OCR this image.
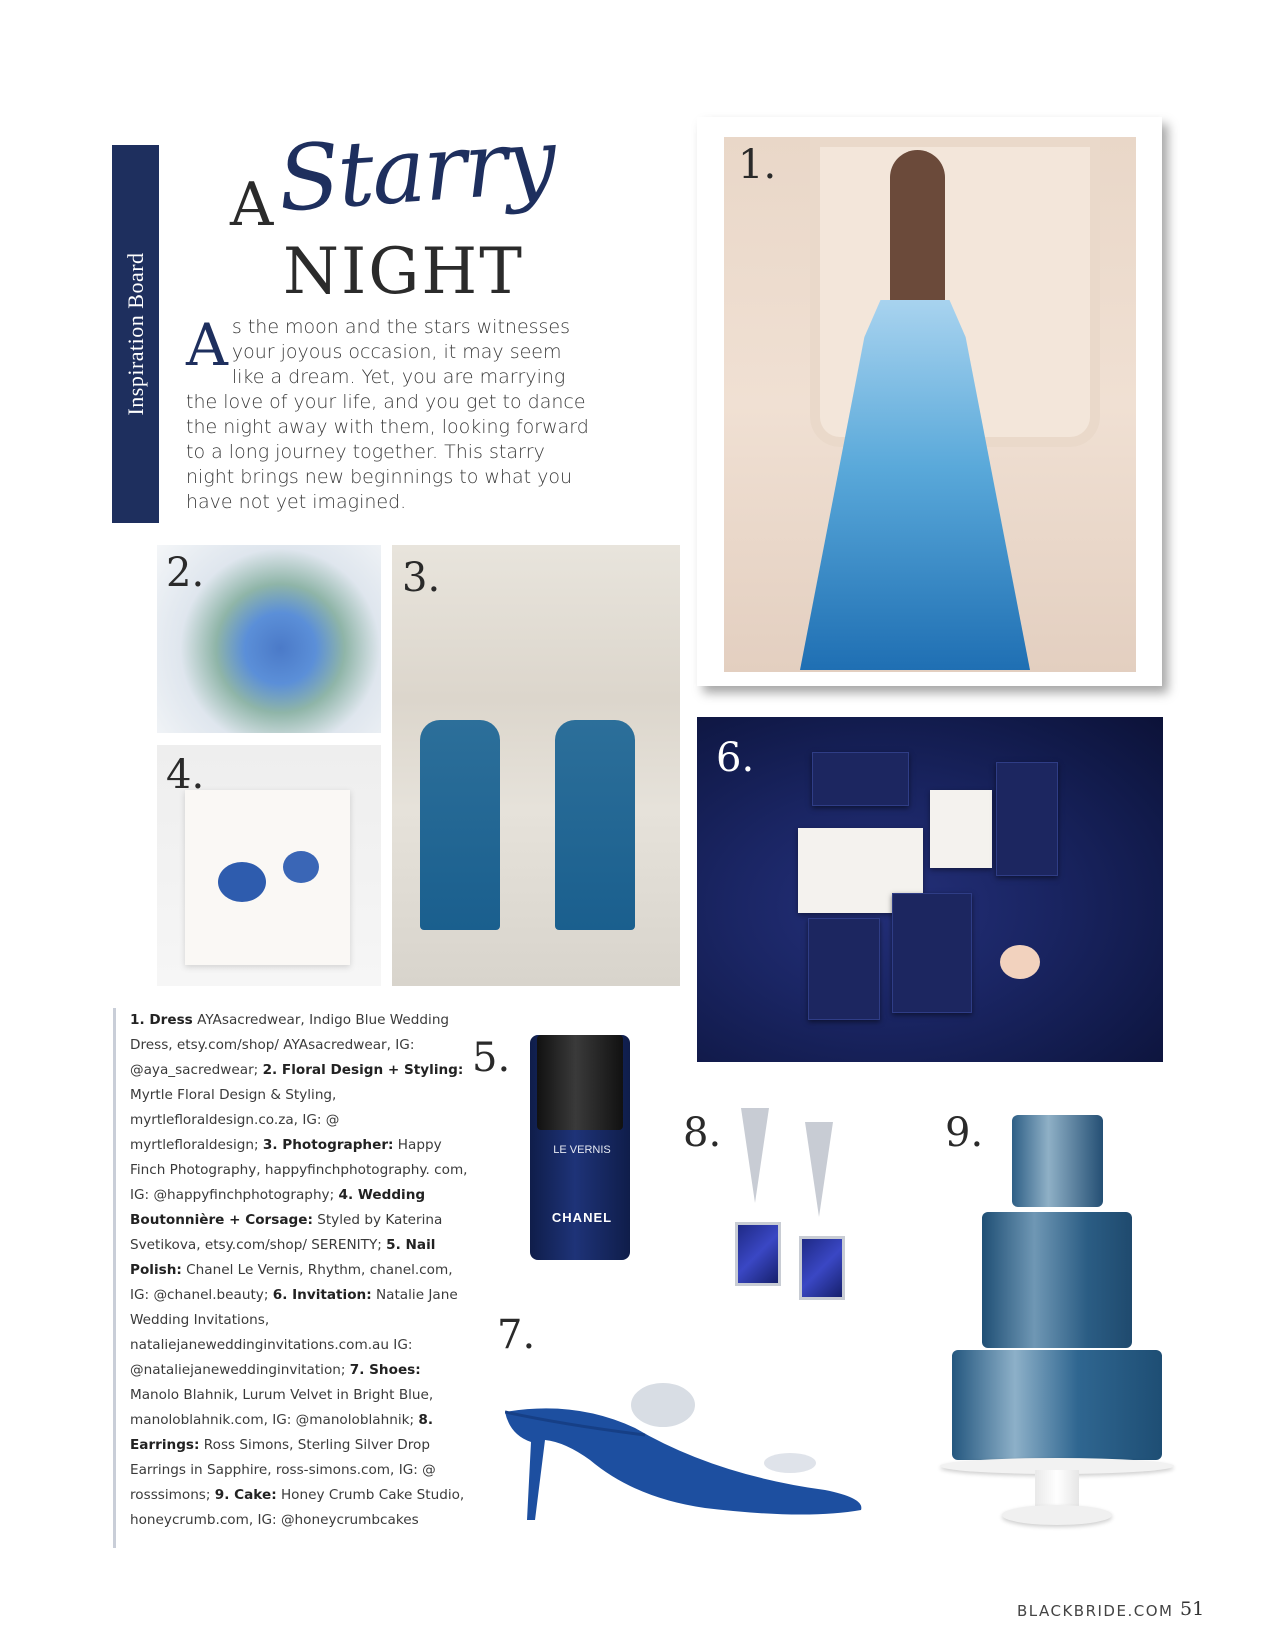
Inspiration Board
A
NIGHT
Starry
A s the moon and the stars witnesses your joyous occasion, it may seem like a dream. Yet, you are marrying the love of your life, and you get to dance the night away with them, looking forward to a long journey together. This starry night brings new beginnings to what you have not yet imagined.
1.
2.	3.
4.	6.
1. Dress AYAsacredwear, Indigo Blue Wedding Dress, etsy.com/shop/ AYAsacredwear, IG: @aya_sacredwear; 2. Floral Design + Styling: Myrtle Floral Design & Styling, myrtlefloraldesign.co.za, IG: @ myrtlefloraldesign; 3. Photographer: Happy Finch Photography, happyfinchphotography. com, IG: @happyfinchphotography; 4. Wedding Boutonnière + Corsage: Styled by Katerina Svetikova, etsy.com/shop/ SERENITY; 5. Nail Polish: Chanel Le Vernis, Rhythm, chanel.com, IG: @chanel.beauty; 6. Invitation: Natalie Jane Wedding Invitations, nataliejaneweddinginvitations.com.au IG: @nataliejaneweddinginvitation; 7. Shoes: Manolo Blahnik, Lurum Velvet in Bright Blue, manoloblahnik.com, IG: @manoloblahnik; 8. Earrings: Ross Simons, Sterling Silver Drop Earrings in Sapphire, ross-simons.com, IG: @ rosssimons; 9. Cake: Honey Crumb Cake Studio, honeycrumb.com, IG: @honeycrumbcakes
5.
LE VERNIS
CHANEL
8.
7.
9.
BLACKBRIDE.COM 51
